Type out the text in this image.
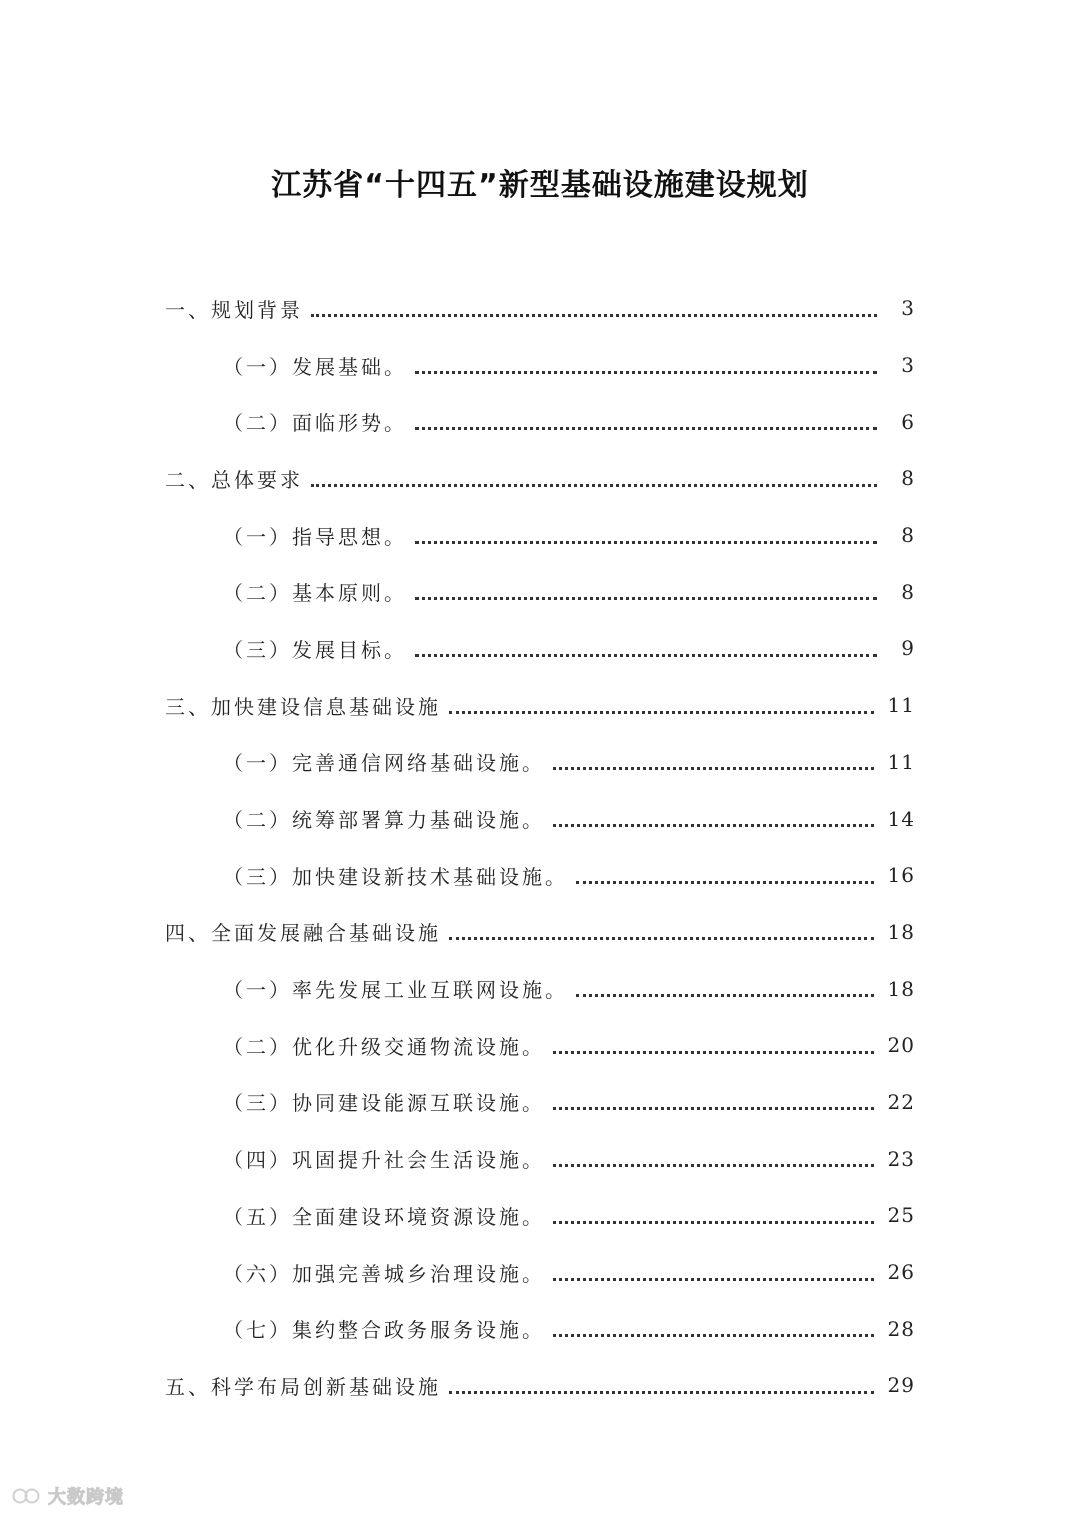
江苏省“十四五”新型基础设施建设规划
一、规划背景	3
（一）发展基础。	3
（二）面临形势。	6
二、总体要求	8
（一）指导思想。	8
（二）基本原则。	8
（三）发展目标。	9
三、加快建设信息基础设施	11
（一）完善通信网络基础设施。	11
（二）统筹部署算力基础设施。	14
（三）加快建设新技术基础设施。	16
四、全面发展融合基础设施	18
（一）率先发展工业互联网设施。	18
（二）优化升级交通物流设施。	20
（三）协同建设能源互联设施。	22
（四）巩固提升社会生活设施。	23
（五）全面建设环境资源设施。	25
（六）加强完善城乡治理设施。	26
（七）集约整合政务服务设施。	28
五、科学布局创新基础设施	29
大数跨境
